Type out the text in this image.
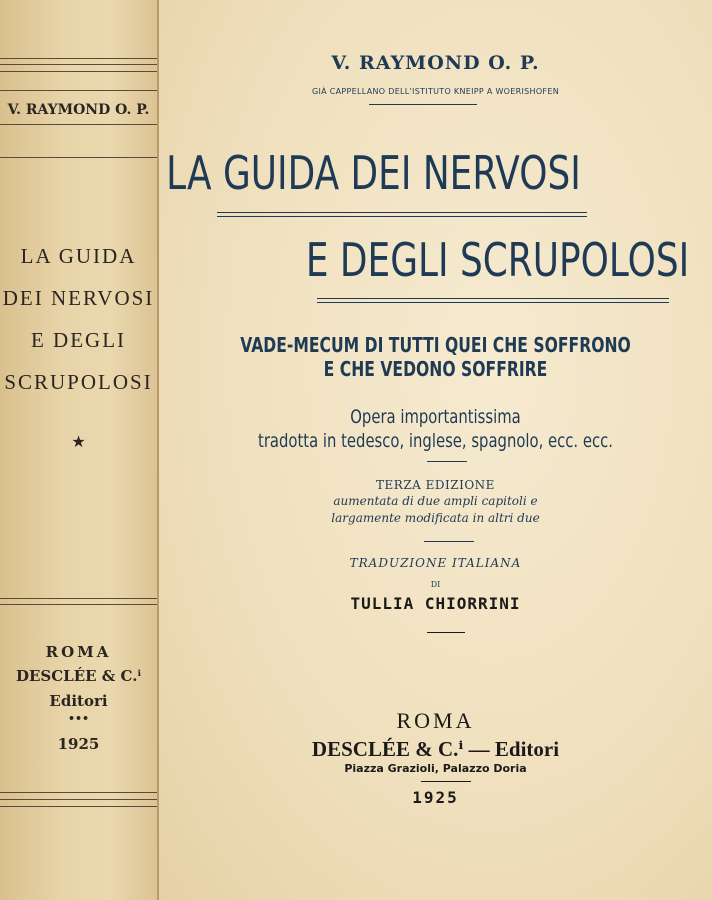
V. RAYMOND O. P.
LA GUIDA
DEI NERVOSI
E DEGLI
SCRUPOLOSI
★
ROMA
DESCLÉE & C.ⁱ
Editori
•••
1925
V. RAYMOND O. P.
GIÀ CAPPELLANO DELL'ISTITUTO KNEIPP A WOERISHOFEN
LA GUIDA DEI NERVOSI
E DEGLI SCRUPOLOSI
VADE-MECUM DI TUTTI QUEI CHE SOFFRONO
E CHE VEDONO SOFFRIRE
Opera importantissima
tradotta in tedesco, inglese, spagnolo, ecc. ecc.
TERZA EDIZIONE
aumentata di due ampli capitoli e
largamente modificata in altri due
TRADUZIONE ITALIANA
DI
TULLIA CHIORRINI
ROMA
DESCLÉE & C.ⁱ — Editori
Piazza Grazioli, Palazzo Doria
1925
